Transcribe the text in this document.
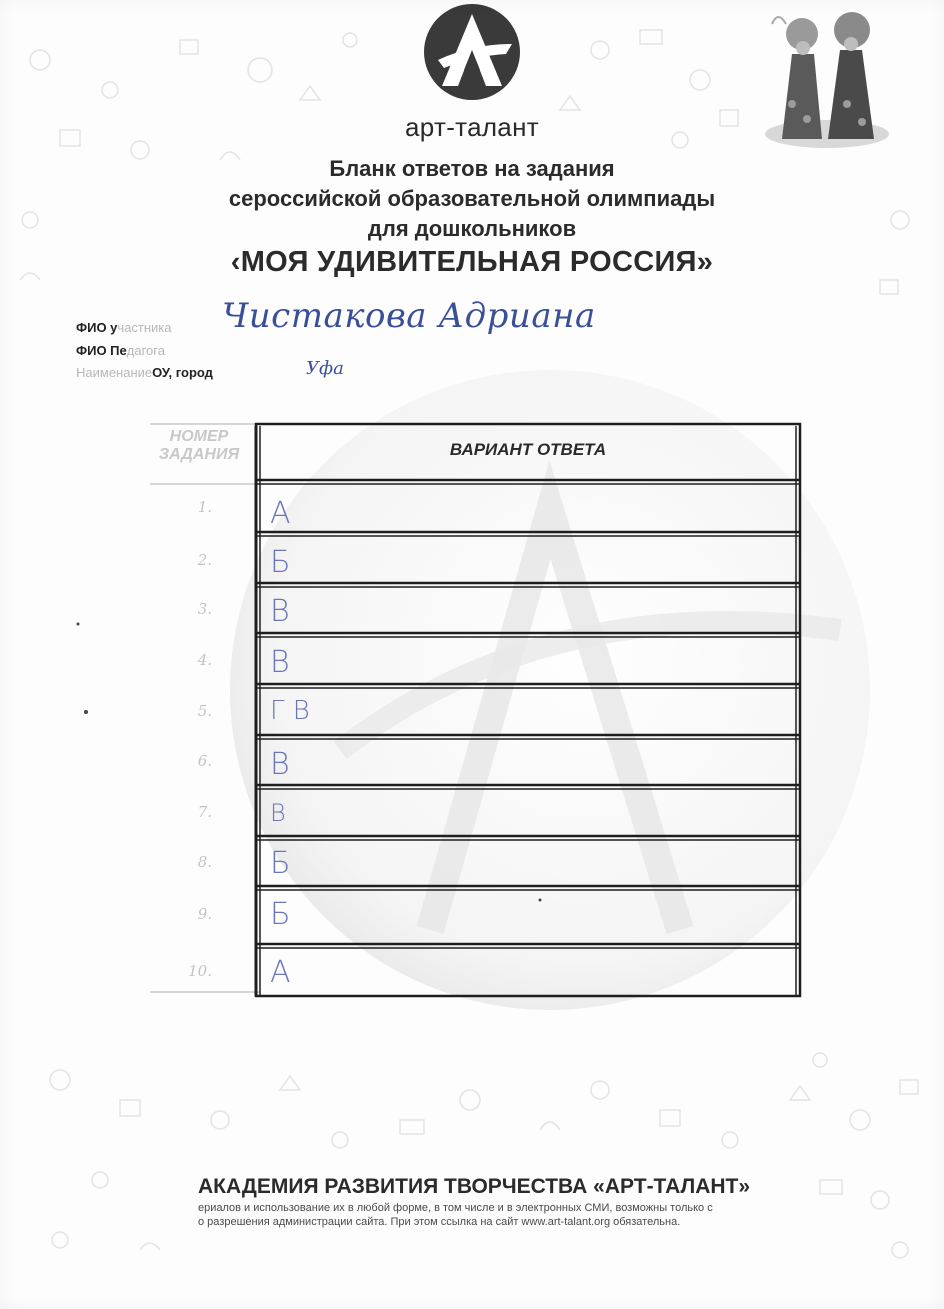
арт-талант
Бланк ответов на задания
сероссийской образовательной олимпиады
для дошкольников
‹МОЯ УДИВИТЕЛЬНАЯ РОССИЯ»
ФИО участника
ФИО Педагога
НаименаниеОУ, город
Чистакова Адриана
Уфа
НОМЕР
ЗАДАНИЯ	ВАРИАНТ ОТВЕТА
1. А
2. Б
3. В
4. В
5. Г В
6. В
7. В
8. Б
9. Б
10. А
АКАДЕМИЯ РАЗВИТИЯ ТВОРЧЕСТВА «АРТ-ТАЛАНТ»
ериалов и использование их в любой форме, в том числе и в электронных СМИ, возможны только с
о разрешения администрации сайта. При этом ссылка на сайт www.art-talant.org обязательна.
